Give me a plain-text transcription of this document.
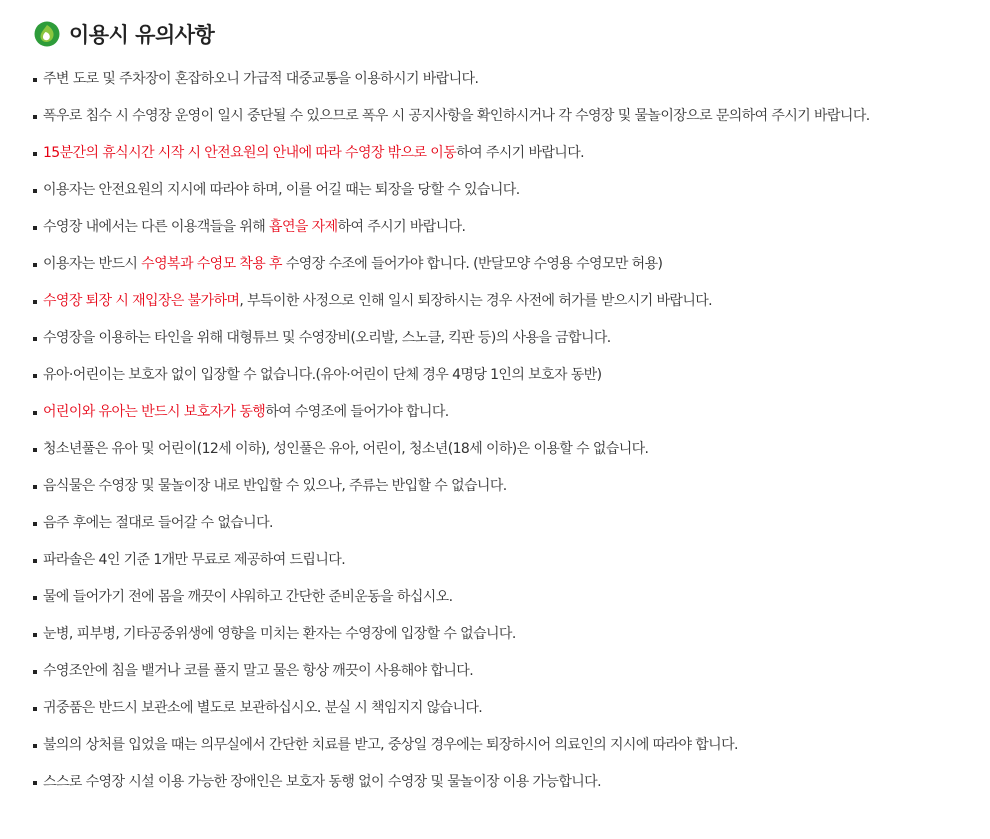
이용시 유의사항
주변 도로 및 주차장이 혼잡하오니 가급적 대중교통을 이용하시기 바랍니다.
폭우로 침수 시 수영장 운영이 일시 중단될 수 있으므로 폭우 시 공지사항을 확인하시거나 각 수영장 및 물놀이장으로 문의하여 주시기 바랍니다.
15분간의 휴식시간 시작 시 안전요원의 안내에 따라 수영장 밖으로 이동하여 주시기 바랍니다.
이용자는 안전요원의 지시에 따라야 하며, 이를 어길 때는 퇴장을 당할 수 있습니다.
수영장 내에서는 다른 이용객들을 위해 흡연을 자제하여 주시기 바랍니다.
이용자는 반드시 수영복과 수영모 착용 후 수영장 수조에 들어가야 합니다. (반달모양 수영용 수영모만 허용)
수영장 퇴장 시 재입장은 불가하며, 부득이한 사정으로 인해 일시 퇴장하시는 경우 사전에 허가를 받으시기 바랍니다.
수영장을 이용하는 타인을 위해 대형튜브 및 수영장비(오리발, 스노클, 킥판 등)의 사용을 금합니다.
유아·어린이는 보호자 없이 입장할 수 없습니다.(유아·어린이 단체 경우 4명당 1인의 보호자 동반)
어린이와 유아는 반드시 보호자가 동행하여 수영조에 들어가야 합니다.
청소년풀은 유아 및 어린이(12세 이하), 성인풀은 유아, 어린이, 청소년(18세 이하)은 이용할 수 없습니다.
음식물은 수영장 및 물놀이장 내로 반입할 수 있으나, 주류는 반입할 수 없습니다.
음주 후에는 절대로 들어갈 수 없습니다.
파라솔은 4인 기준 1개만 무료로 제공하여 드립니다.
물에 들어가기 전에 몸을 깨끗이 샤워하고 간단한 준비운동을 하십시오.
눈병, 피부병, 기타공중위생에 영향을 미치는 환자는 수영장에 입장할 수 없습니다.
수영조안에 침을 뱉거나 코를 풀지 말고 물은 항상 깨끗이 사용해야 합니다.
귀중품은 반드시 보관소에 별도로 보관하십시오. 분실 시 책임지지 않습니다.
불의의 상처를 입었을 때는 의무실에서 간단한 치료를 받고, 중상일 경우에는 퇴장하시어 의료인의 지시에 따라야 합니다.
스스로 수영장 시설 이용 가능한 장애인은 보호자 동행 없이 수영장 및 물놀이장 이용 가능합니다.
